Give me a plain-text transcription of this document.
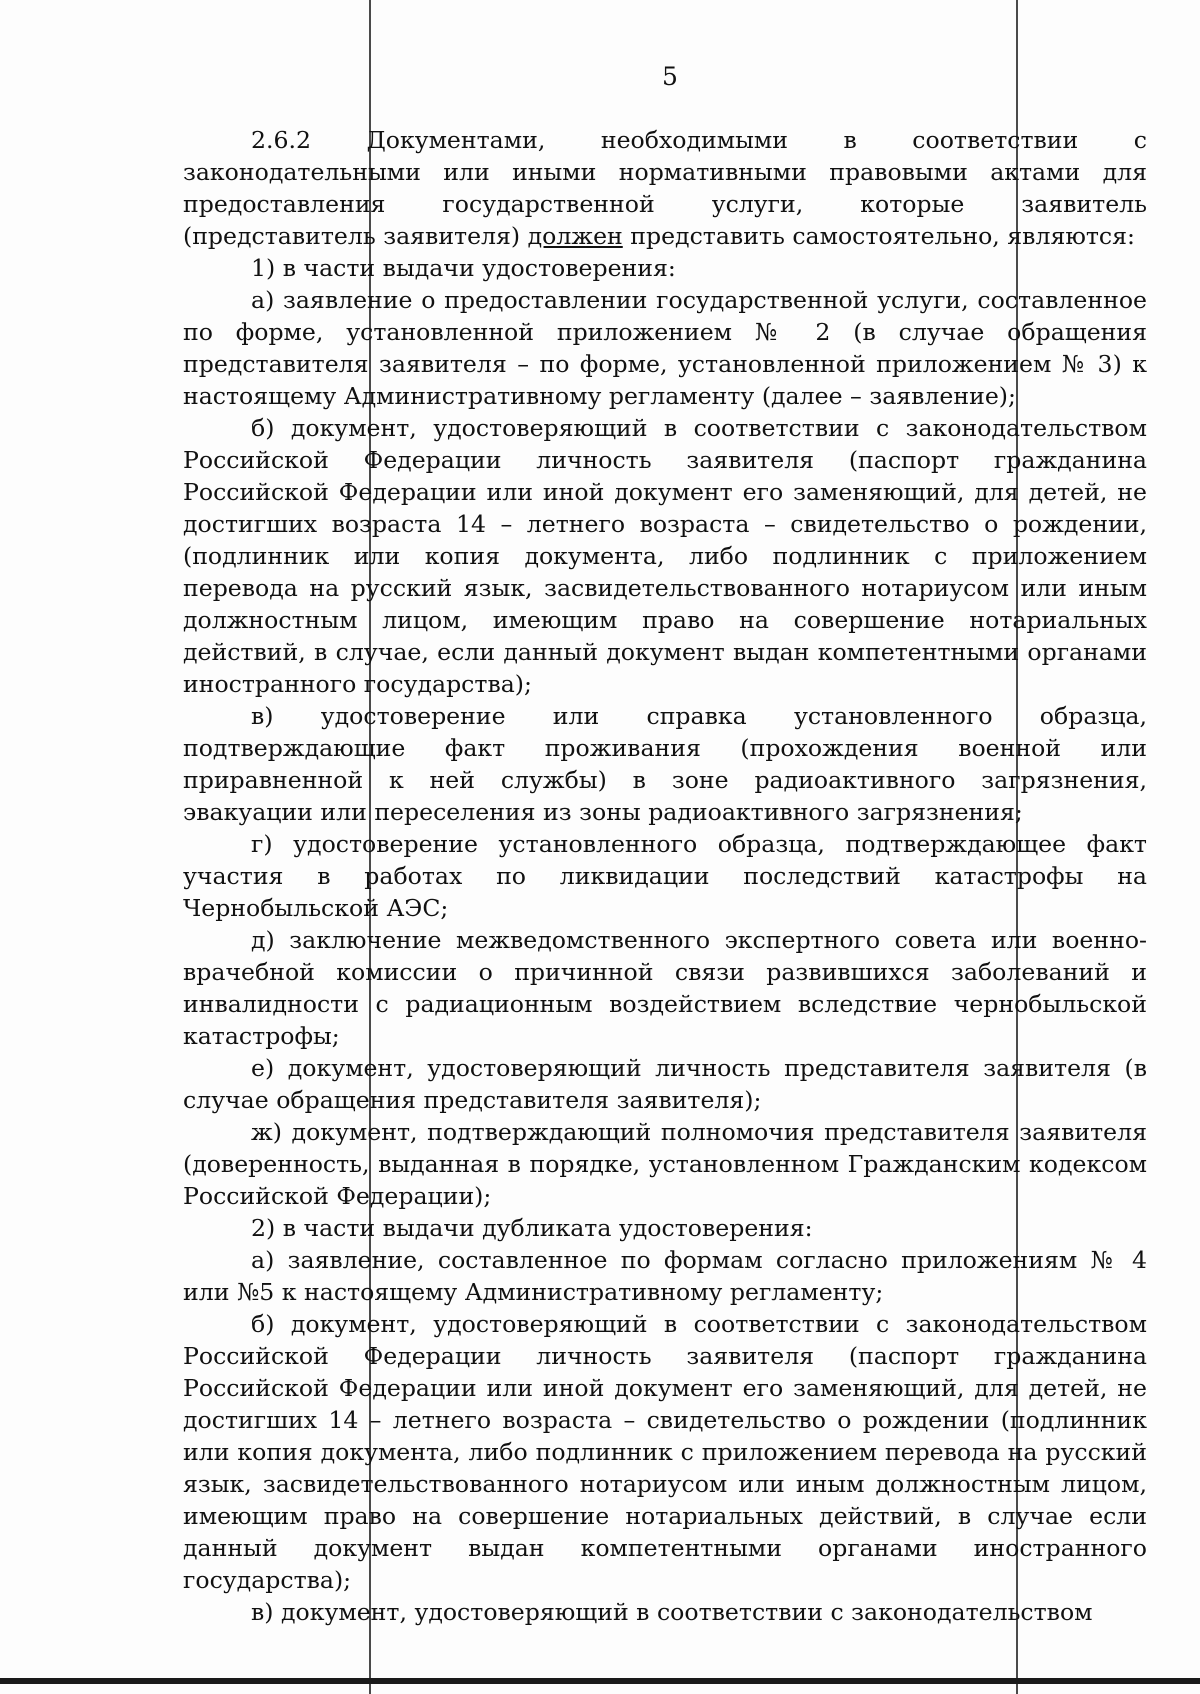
5

2.6.2 Документами, необходимыми в соответствии с законодательными или иными нормативными правовыми актами для предоставления государственной услуги, которые заявитель (представитель заявителя) должен представить самостоятельно, являются:

1) в части выдачи удостоверения:

а) заявление о предоставлении государственной услуги, составленное по форме, установленной приложением № 2 (в случае обращения представителя заявителя – по форме, установленной приложением № 3) к настоящему Административному регламенту (далее – заявление);

б) документ, удостоверяющий в соответствии с законодательством Российской Федерации личность заявителя (паспорт гражданина Российской Федерации или иной документ его заменяющий, для детей, не достигших возраста 14 – летнего возраста – свидетельство о рождении, (подлинник или копия документа, либо подлинник с приложением перевода на русский язык, засвидетельствованного нотариусом или иным должностным лицом, имеющим право на совершение нотариальных действий, в случае, если данный документ выдан компетентными органами иностранного государства);

в) удостоверение или справка установленного образца, подтверждающие факт проживания (прохождения военной или приравненной к ней службы) в зоне радиоактивного загрязнения, эвакуации или переселения из зоны радиоактивного загрязнения;

г) удостоверение установленного образца, подтверждающее факт участия в работах по ликвидации последствий катастрофы на Чернобыльской АЭС;

д) заключение межведомственного экспертного совета или военно-врачебной комиссии о причинной связи развившихся заболеваний и инвалидности с радиационным воздействием вследствие чернобыльской катастрофы;

е) документ, удостоверяющий личность представителя заявителя (в случае обращения представителя заявителя);

ж) документ, подтверждающий полномочия представителя заявителя (доверенность, выданная в порядке, установленном Гражданским кодексом Российской Федерации);

2) в части выдачи дубликата удостоверения:

а) заявление, составленное по формам согласно приложениям № 4 или №5 к настоящему Административному регламенту;

б) документ, удостоверяющий в соответствии с законодательством Российской Федерации личность заявителя (паспорт гражданина Российской Федерации или иной документ его заменяющий, для детей, не достигших 14 – летнего возраста – свидетельство о рождении (подлинник или копия документа, либо подлинник с приложением перевода на русский язык, засвидетельствованного нотариусом или иным должностным лицом, имеющим право на совершение нотариальных действий, в случае если данный документ выдан компетентными органами иностранного государства);

в) документ, удостоверяющий в соответствии с законодательством
